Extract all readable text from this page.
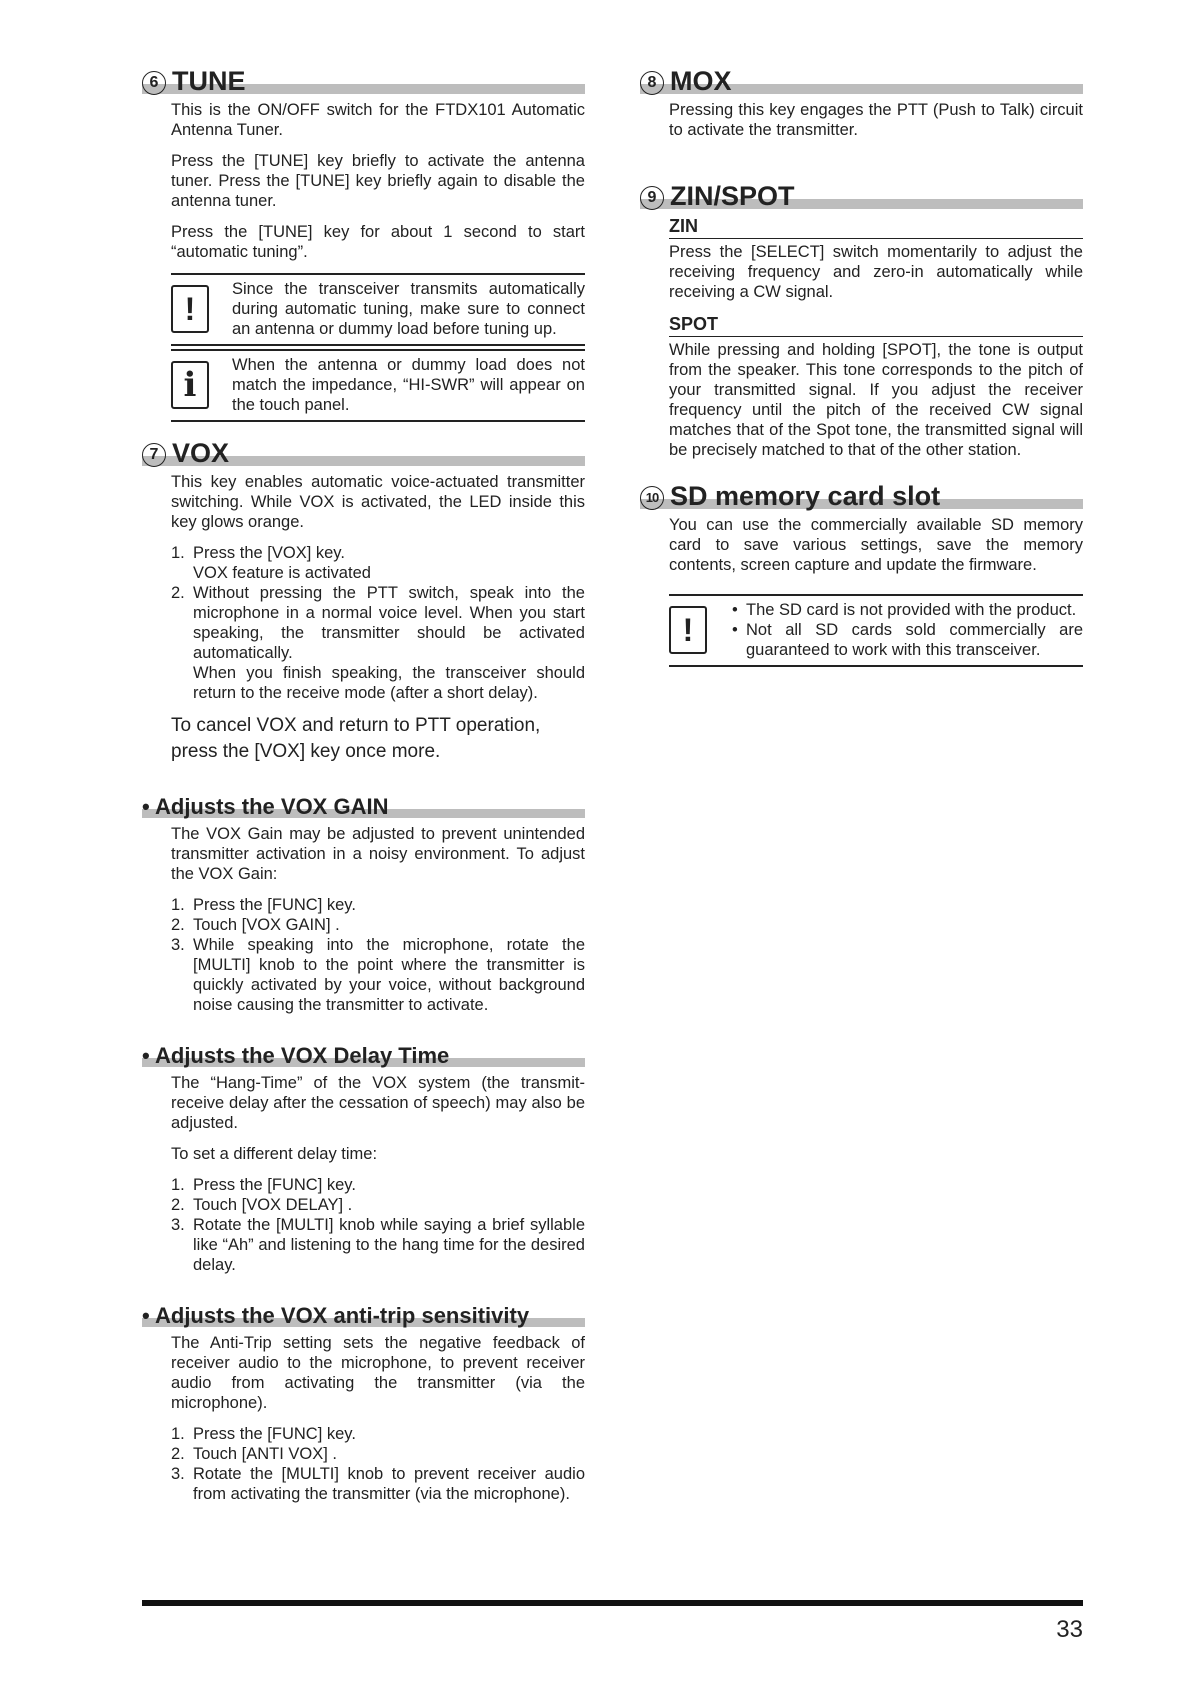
6 TUNE

This is the ON/OFF switch for the FTDX101 Automatic Antenna Tuner.

Press the [TUNE] key briefly to activate the antenna tuner. Press the [TUNE] key briefly again to disable the antenna tuner.

Press the [TUNE] key for about 1 second to start “automatic tuning”.

!
Since the transceiver transmits automatically during automatic tuning, make sure to connect an antenna or dummy load before tuning up.
i	When the antenna or dummy load does not match the impedance, “HI-SWR” will appear on the touch panel.
7 VOX

This key enables automatic voice-actuated transmitter switching. While VOX is activated, the LED inside this key glows orange.

1. Press the [VOX] key.
VOX feature is activated
2. Without pressing the PTT switch, speak into the microphone in a normal voice level. When you start speaking, the transmitter should be activated automatically.
When you finish speaking, the transceiver should return to the receive mode (after a short delay).

To cancel VOX and return to PTT operation, press the [VOX] key once more.

• Adjusts the VOX GAIN

The VOX Gain may be adjusted to prevent unintended transmitter activation in a noisy environment. To adjust the VOX Gain:

1. Press the [FUNC] key.
2. Touch [VOX GAIN] .
3. While speaking into the microphone, rotate the [MULTI] knob to the point where the transmitter is quickly activated by your voice, without background noise causing the transmitter to activate.
• Adjusts the VOX Delay Time

The “Hang-Time” of the VOX system (the transmit-receive delay after the cessation of speech) may also be adjusted.

To set a different delay time:

1. Press the [FUNC] key.
2. Touch [VOX DELAY] .
3. Rotate the [MULTI] knob while saying a brief syllable like “Ah” and listening to the hang time for the desired delay.
• Adjusts the VOX anti-trip sensitivity

The Anti-Trip setting sets the negative feedback of receiver audio to the microphone, to prevent receiver audio from activating the transmitter (via the microphone).

1. Press the [FUNC] key.
2. Touch [ANTI VOX] .
3. Rotate the [MULTI] knob to prevent receiver audio from activating the transmitter (via the microphone).
8 MOX

Pressing this key engages the PTT (Push to Talk) circuit to activate the transmitter.

9 ZIN/SPOT
ZIN

Press the [SELECT] switch momentarily to adjust the receiving frequency and zero-in automatically while receiving a CW signal.

SPOT

While pressing and holding [SPOT], the tone is output from the speaker. This tone corresponds to the pitch of your transmitted signal. If you adjust the receiver frequency until the pitch of the received CW signal matches that of the Spot tone, the transmitted signal will be precisely matched to that of the other station.

10 SD memory card slot

You can use the commercially available SD memory card to save various settings, save the memory contents, screen capture and update the firmware.

!
• The SD card is not provided with the product.
• Not all SD cards sold commercially are guaranteed to work with this transceiver.
33
